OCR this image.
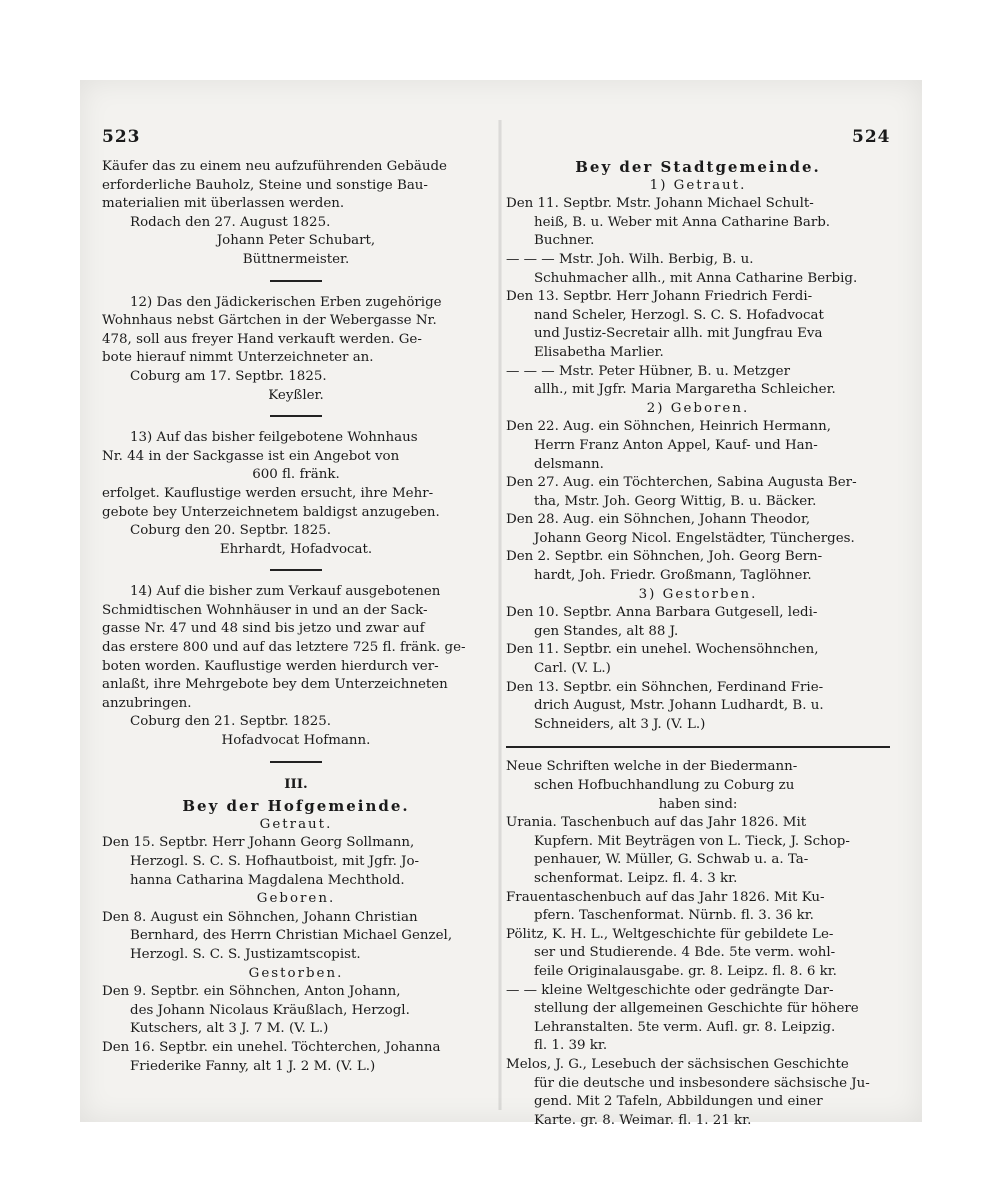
523	524

Käufer das zu einem neu aufzuführenden Gebäude

erforderliche Bauholz, Steine und sonstige Bau-

materialien mit überlassen werden.

Rodach den 27. August 1825.

Johann Peter Schubart,

Büttnermeister.

12) Das den Jädickerischen Erben zugehörige

Wohnhaus nebst Gärtchen in der Webergasse Nr.

478, soll aus freyer Hand verkauft werden. Ge-

bote hierauf nimmt Unterzeichneter an.

Coburg am 17. Septbr. 1825.

Keyßler.

13) Auf das bisher feilgebotene Wohnhaus

Nr. 44 in der Sackgasse ist ein Angebot von

600 fl. fränk.

erfolget. Kauflustige werden ersucht, ihre Mehr-

gebote bey Unterzeichnetem baldigst anzugeben.

Coburg den 20. Septbr. 1825.

Ehrhardt, Hofadvocat.

14) Auf die bisher zum Verkauf ausgebotenen

Schmidtischen Wohnhäuser in und an der Sack-

gasse Nr. 47 und 48 sind bis jetzo und zwar auf

das erstere 800 und auf das letztere 725 fl. fränk. ge-

boten worden. Kauflustige werden hierdurch ver-

anlaßt, ihre Mehrgebote bey dem Unterzeichneten

anzubringen.

Coburg den 21. Septbr. 1825.

Hofadvocat Hofmann.

III.

Bey der Hofgemeinde.

Getraut.

Den 15. Septbr. Herr Johann Georg Sollmann,

Herzogl. S. C. S. Hofhautboist, mit Jgfr. Jo-

hanna Catharina Magdalena Mechthold.

Geboren.

Den 8. August ein Söhnchen, Johann Christian

Bernhard, des Herrn Christian Michael Genzel,

Herzogl. S. C. S. Justizamtscopist.

Gestorben.

Den 9. Septbr. ein Söhnchen, Anton Johann,

des Johann Nicolaus Kräußlach, Herzogl.

Kutschers, alt 3 J. 7 M. (V. L.)

Den 16. Septbr. ein unehel. Töchterchen, Johanna

Friederike Fanny, alt 1 J. 2 M. (V. L.)

Bey der Stadtgemeinde.

1) Getraut.

Den 11. Septbr. Mstr. Johann Michael Schult-

heiß, B. u. Weber mit Anna Catharine Barb.

Buchner.

— — — Mstr. Joh. Wilh. Berbig, B. u.

Schuhmacher allh., mit Anna Catharine Berbig.

Den 13. Septbr. Herr Johann Friedrich Ferdi-

nand Scheler, Herzogl. S. C. S. Hofadvocat

und Justiz-Secretair allh. mit Jungfrau Eva

Elisabetha Marlier.

— — — Mstr. Peter Hübner, B. u. Metzger

allh., mit Jgfr. Maria Margaretha Schleicher.

2) Geboren.

Den 22. Aug. ein Söhnchen, Heinrich Hermann,

Herrn Franz Anton Appel, Kauf- und Han-

delsmann.

Den 27. Aug. ein Töchterchen, Sabina Augusta Ber-

tha, Mstr. Joh. Georg Wittig, B. u. Bäcker.

Den 28. Aug. ein Söhnchen, Johann Theodor,

Johann Georg Nicol. Engelstädter, Tüncherges.

Den 2. Septbr. ein Söhnchen, Joh. Georg Bern-

hardt, Joh. Friedr. Großmann, Taglöhner.

3) Gestorben.

Den 10. Septbr. Anna Barbara Gutgesell, ledi-

gen Standes, alt 88 J.

Den 11. Septbr. ein unehel. Wochensöhnchen,

Carl. (V. L.)

Den 13. Septbr. ein Söhnchen, Ferdinand Frie-

drich August, Mstr. Johann Ludhardt, B. u.

Schneiders, alt 3 J. (V. L.)

Neue Schriften welche in der Biedermann-

schen Hofbuchhandlung zu Coburg zu

haben sind:

Urania. Taschenbuch auf das Jahr 1826. Mit

Kupfern. Mit Beyträgen von L. Tieck, J. Schop-

penhauer, W. Müller, G. Schwab u. a. Ta-

schenformat. Leipz. fl. 4. 3 kr.

Frauentaschenbuch auf das Jahr 1826. Mit Ku-

pfern. Taschenformat. Nürnb. fl. 3. 36 kr.

Pölitz, K. H. L., Weltgeschichte für gebildete Le-

ser und Studierende. 4 Bde. 5te verm. wohl-

feile Originalausgabe. gr. 8. Leipz. fl. 8. 6 kr.

— — kleine Weltgeschichte oder gedrängte Dar-

stellung der allgemeinen Geschichte für höhere

Lehranstalten. 5te verm. Aufl. gr. 8. Leipzig.

fl. 1. 39 kr.

Melos, J. G., Lesebuch der sächsischen Geschichte

für die deutsche und insbesondere sächsische Ju-

gend. Mit 2 Tafeln, Abbildungen und einer

Karte. gr. 8. Weimar. fl. 1. 21 kr.
